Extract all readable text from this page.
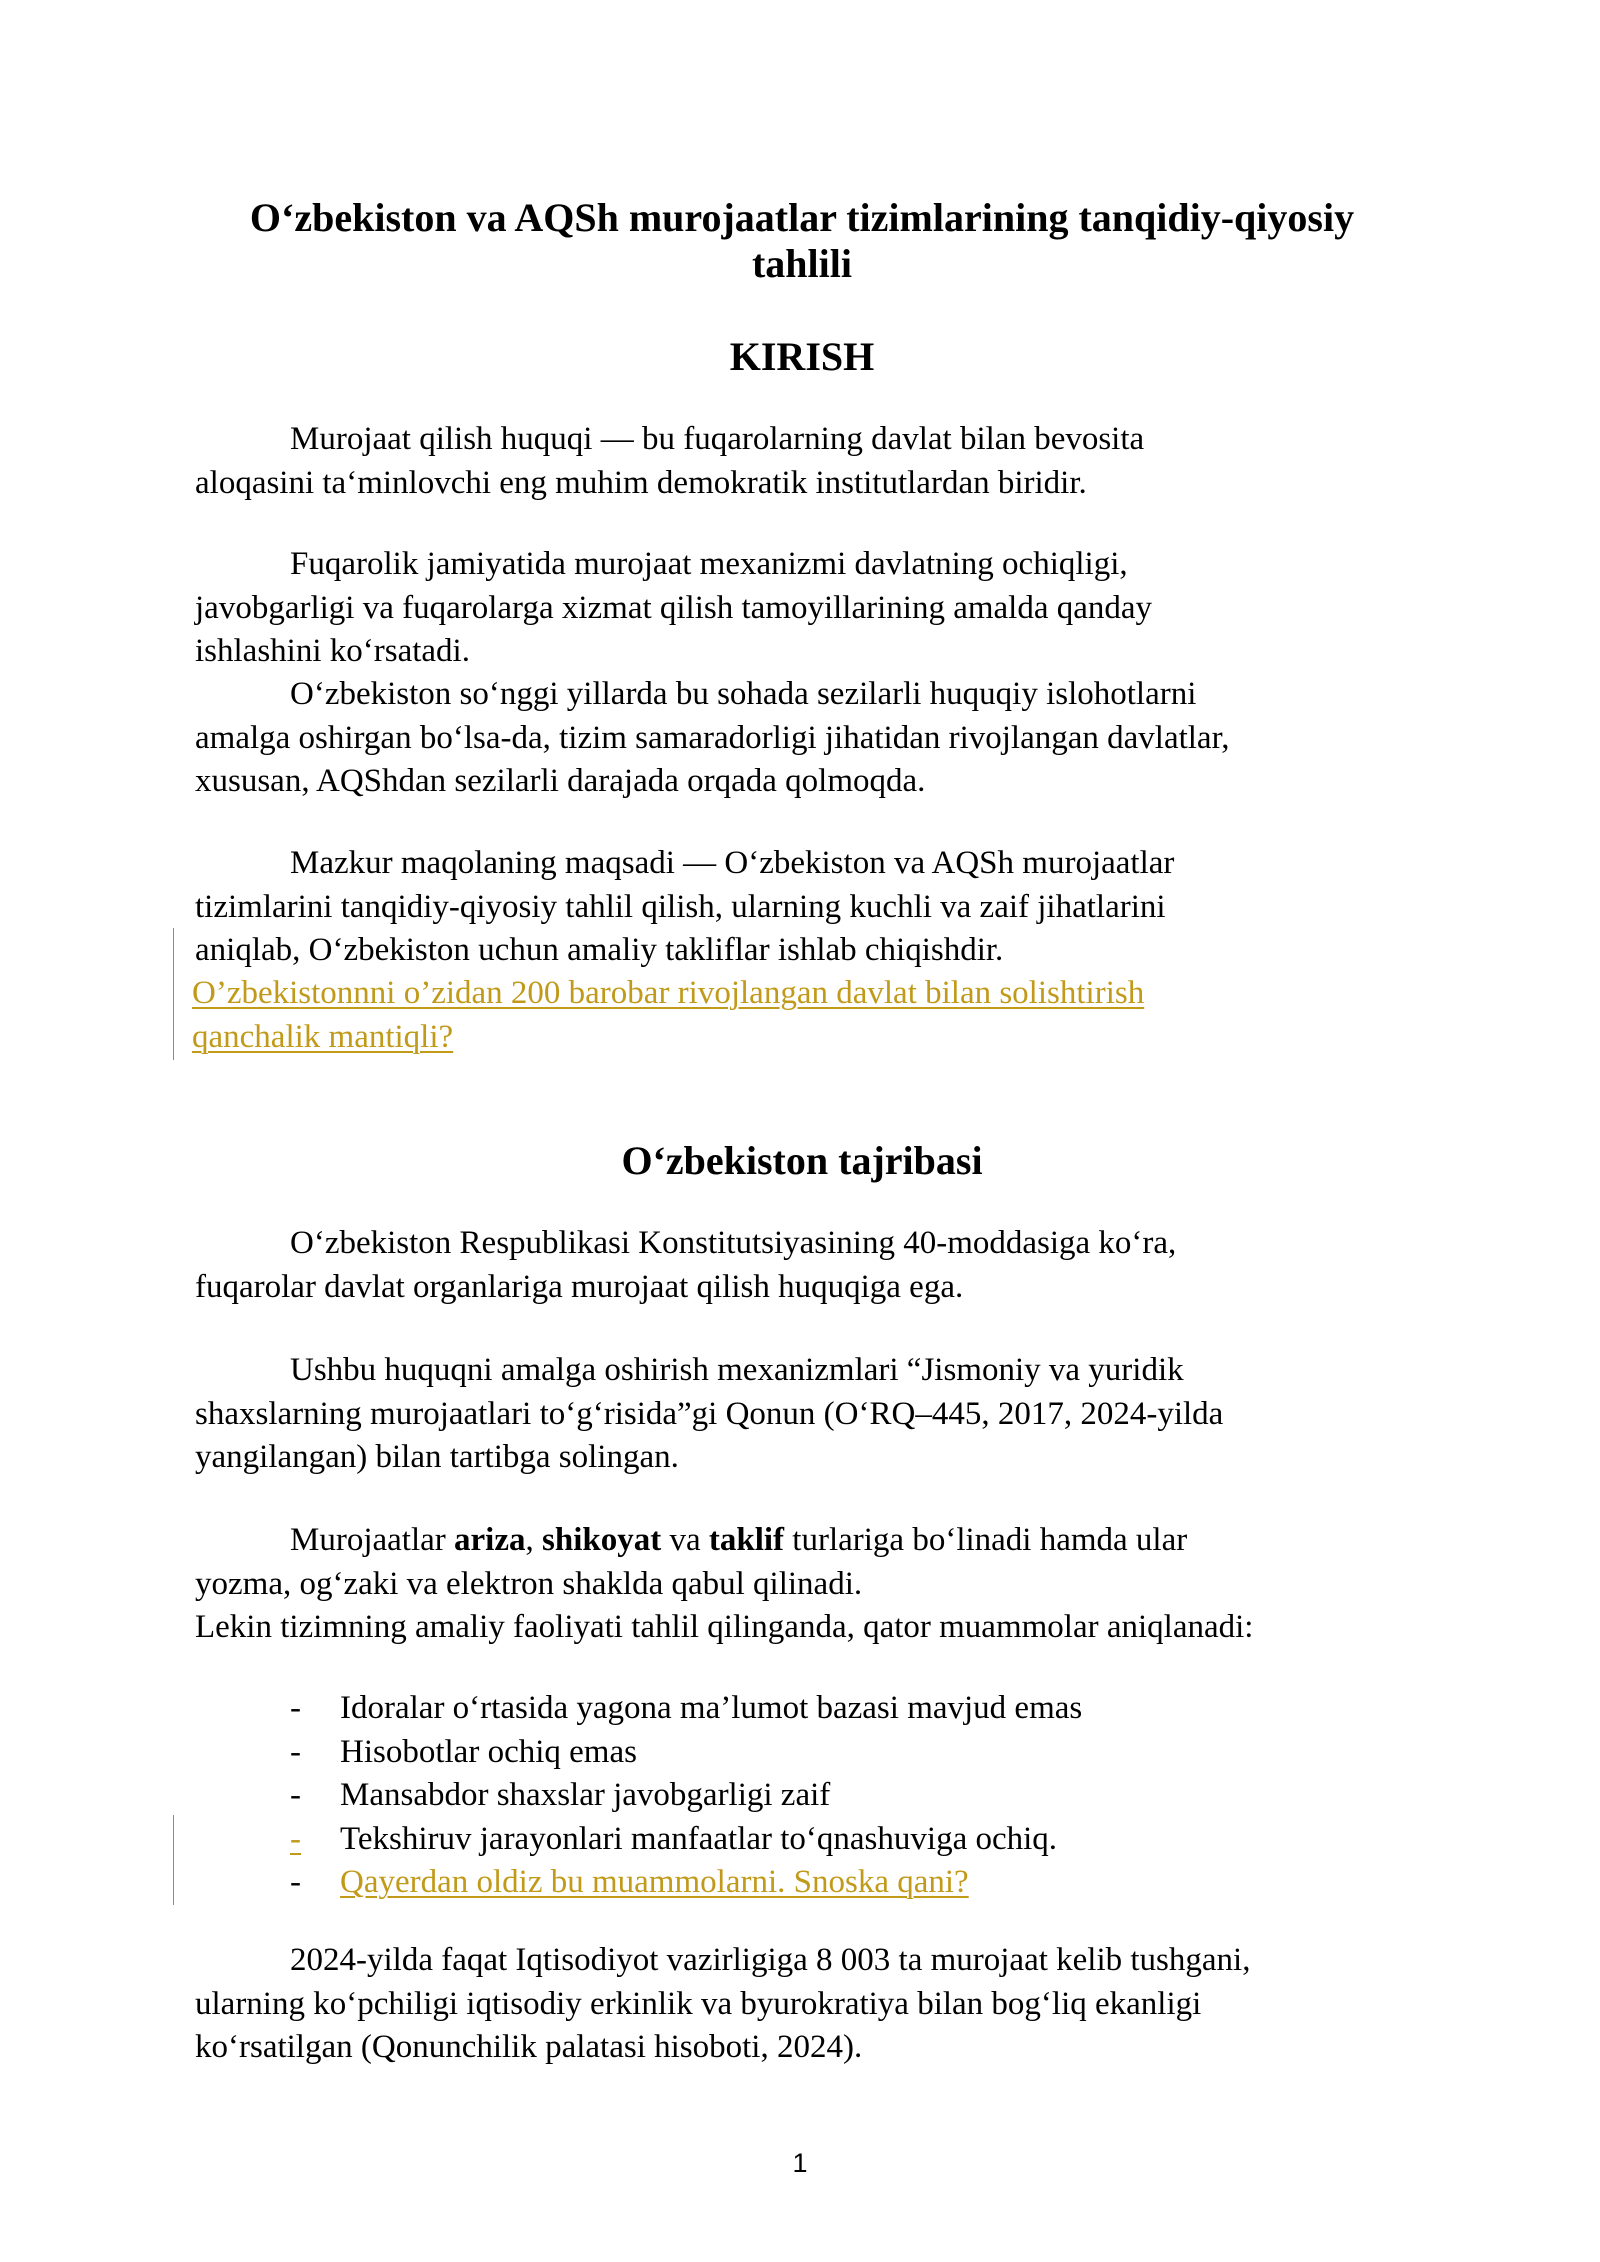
O‘zbekiston va AQSh murojaatlar tizimlarining tanqidiy-qiyosiy
tahlili
KIRISH

Murojaat qilish huquqi — bu fuqarolarning davlat bilan bevosita
aloqasini ta‘minlovchi eng muhim demokratik institutlardan biridir.

Fuqarolik jamiyatida murojaat mexanizmi davlatning ochiqligi,
javobgarligi va fuqarolarga xizmat qilish tamoyillarining amalda qanday
ishlashini ko‘rsatadi.

O‘zbekiston so‘nggi yillarda bu sohada sezilarli huquqiy islohotlarni
amalga oshirgan bo‘lsa-da, tizim samaradorligi jihatidan rivojlangan davlatlar,
xususan, AQShdan sezilarli darajada orqada qolmoqda.

Mazkur maqolaning maqsadi — O‘zbekiston va AQSh murojaatlar
tizimlarini tanqidiy-qiyosiy tahlil qilish, ularning kuchli va zaif jihatlarini
aniqlab, O‘zbekiston uchun amaliy takliflar ishlab chiqishdir.

O’zbekistonnni o’zidan 200 barobar rivojlangan davlat bilan solishtirish
qanchalik mantiqli?

O‘zbekiston tajribasi

O‘zbekiston Respublikasi Konstitutsiyasining 40-moddasiga ko‘ra,
fuqarolar davlat organlariga murojaat qilish huquqiga ega.

Ushbu huquqni amalga oshirish mexanizmlari “Jismoniy va yuridik
shaxslarning murojaatlari to‘g‘risida”gi Qonun (O‘RQ–445, 2017, 2024-yilda
yangilangan) bilan tartibga solingan.

Murojaatlar ariza, shikoyat va taklif turlariga bo‘linadi hamda ular
yozma, og‘zaki va elektron shaklda qabul qilinadi.
Lekin tizimning amaliy faoliyati tahlil qilinganda, qator muammolar aniqlanadi:

- Idoralar o‘rtasida yagona ma’lumot bazasi mavjud emas
- Hisobotlar ochiq emas
- Mansabdor shaxslar javobgarligi zaif
-	Tekshiruv jarayonlari manfaatlar to‘qnashuviga ochiq.
- Qayerdan oldiz bu muammolarni. Snoska qani?

2024-yilda faqat Iqtisodiyot vazirligiga 8 003 ta murojaat kelib tushgani,
ularning ko‘pchiligi iqtisodiy erkinlik va byurokratiya bilan bog‘liq ekanligi
ko‘rsatilgan (Qonunchilik palatasi hisoboti, 2024).

1
